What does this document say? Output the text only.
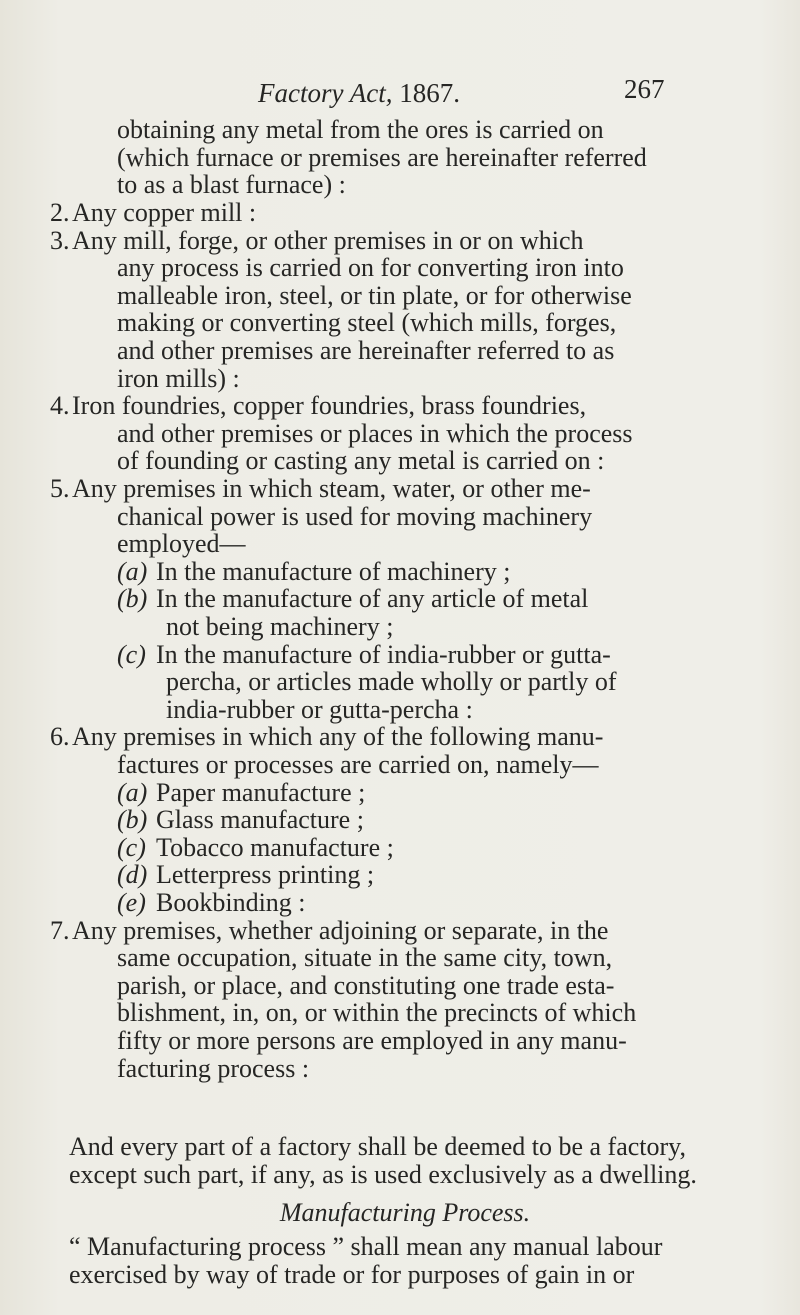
Factory Act, 1867.	267
obtaining any metal from the ores is carried on
(which furnace or premises are hereinafter referred
to as a blast furnace) :
2. Any copper mill :
3. Any mill, forge, or other premises in or on which
any process is carried on for converting iron into
malleable iron, steel, or tin plate, or for otherwise
making or converting steel (which mills, forges,
and other premises are hereinafter referred to as
iron mills) :
4. Iron foundries, copper foundries, brass foundries,
and other premises or places in which the process
of founding or casting any metal is carried on :
5. Any premises in which steam, water, or other me-
chanical power is used for moving machinery
employed—
(a) In the manufacture of machinery ;
(b) In the manufacture of any article of metal
not being machinery ;
(c) In the manufacture of india-rubber or gutta-
percha, or articles made wholly or partly of
india-rubber or gutta-percha :
6. Any premises in which any of the following manu-
factures or processes are carried on, namely—
(a) Paper manufacture ;
(b) Glass manufacture ;
(c) Tobacco manufacture ;
(d) Letterpress printing ;
(e) Bookbinding :
7. Any premises, whether adjoining or separate, in the
same occupation, situate in the same city, town,
parish, or place, and constituting one trade esta-
blishment, in, on, or within the precincts of which
fifty or more persons are employed in any manu-
facturing process :
And every part of a factory shall be deemed to be a factory,
except such part, if any, as is used exclusively as a dwelling.
Manufacturing Process.
“ Manufacturing process ” shall mean any manual labour
exercised by way of trade or for purposes of gain in or
